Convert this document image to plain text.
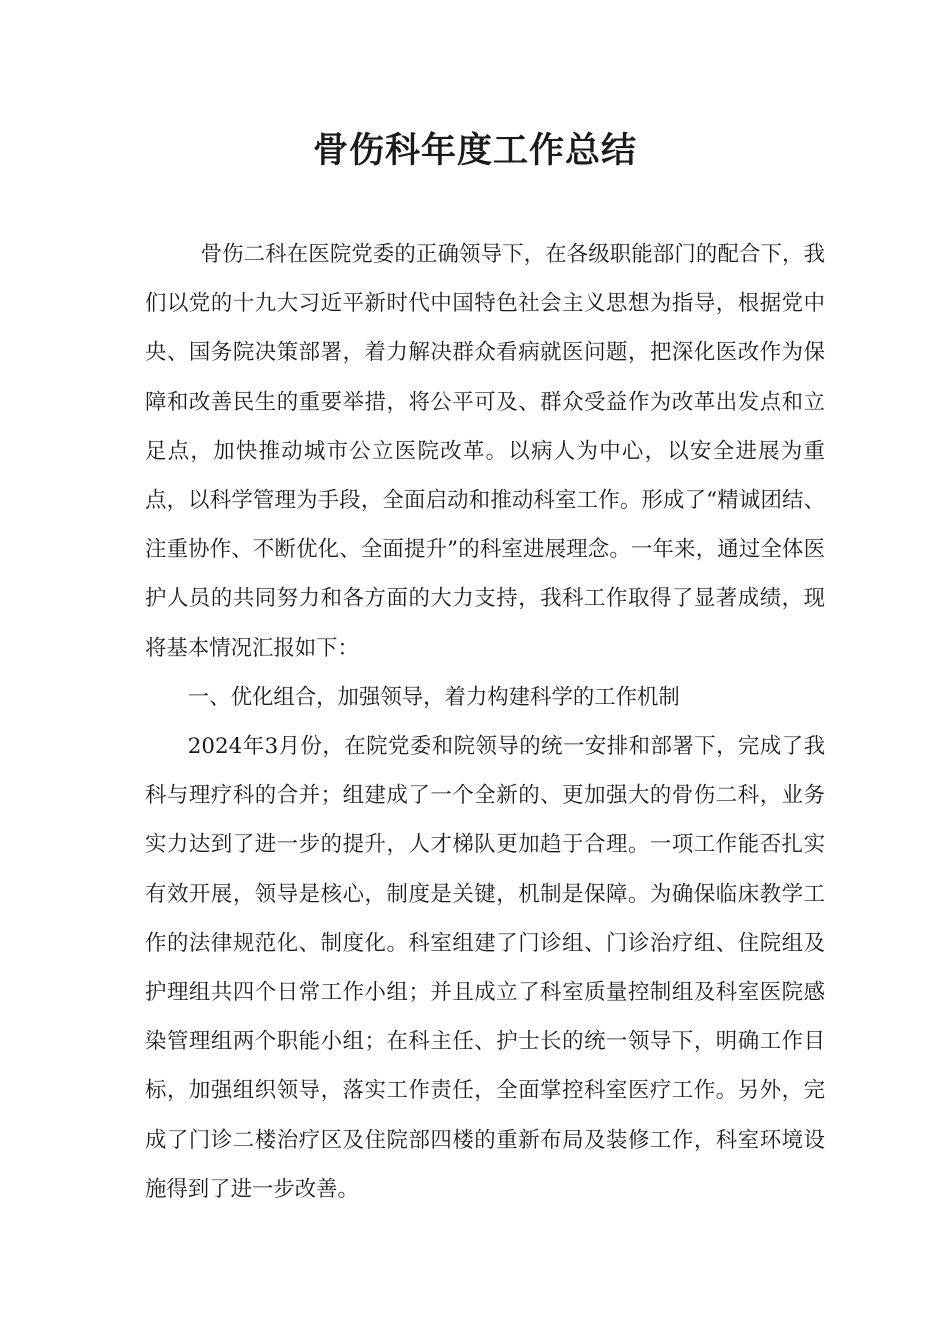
骨伤科年度工作总结

骨伤二科在医院党委的正确领导下，在各级职能部门的配合下，我们以党的十九大习近平新时代中国特色社会主义思想为指导，根据党中央、国务院决策部署，着力解决群众看病就医问题，把深化医改作为保障和改善民生的重要举措，将公平可及、群众受益作为改革出发点和立足点，加快推动城市公立医院改革。以病人为中心，以安全进展为重点，以科学管理为手段，全面启动和推动科室工作。形成了“精诚团结、注重协作、不断优化、全面提升”的科室进展理念。一年来，通过全体医护人员的共同努力和各方面的大力支持，我科工作取得了显著成绩，现将基本情况汇报如下：

一、优化组合，加强领导，着力构建科学的工作机制

2024年3月份，在院党委和院领导的统一安排和部署下，完成了我科与理疗科的合并；组建成了一个全新的、更加强大的骨伤二科，业务实力达到了进一步的提升，人才梯队更加趋于合理。一项工作能否扎实有效开展，领导是核心，制度是关键，机制是保障。为确保临床教学工作的法律规范化、制度化。科室组建了门诊组、门诊治疗组、住院组及护理组共四个日常工作小组；并且成立了科室质量控制组及科室医院感染管理组两个职能小组；在科主任、护士长的统一领导下，明确工作目标，加强组织领导，落实工作责任，全面掌控科室医疗工作。另外，完成了门诊二楼治疗区及住院部四楼的重新布局及装修工作，科室环境设施得到了进一步改善。
